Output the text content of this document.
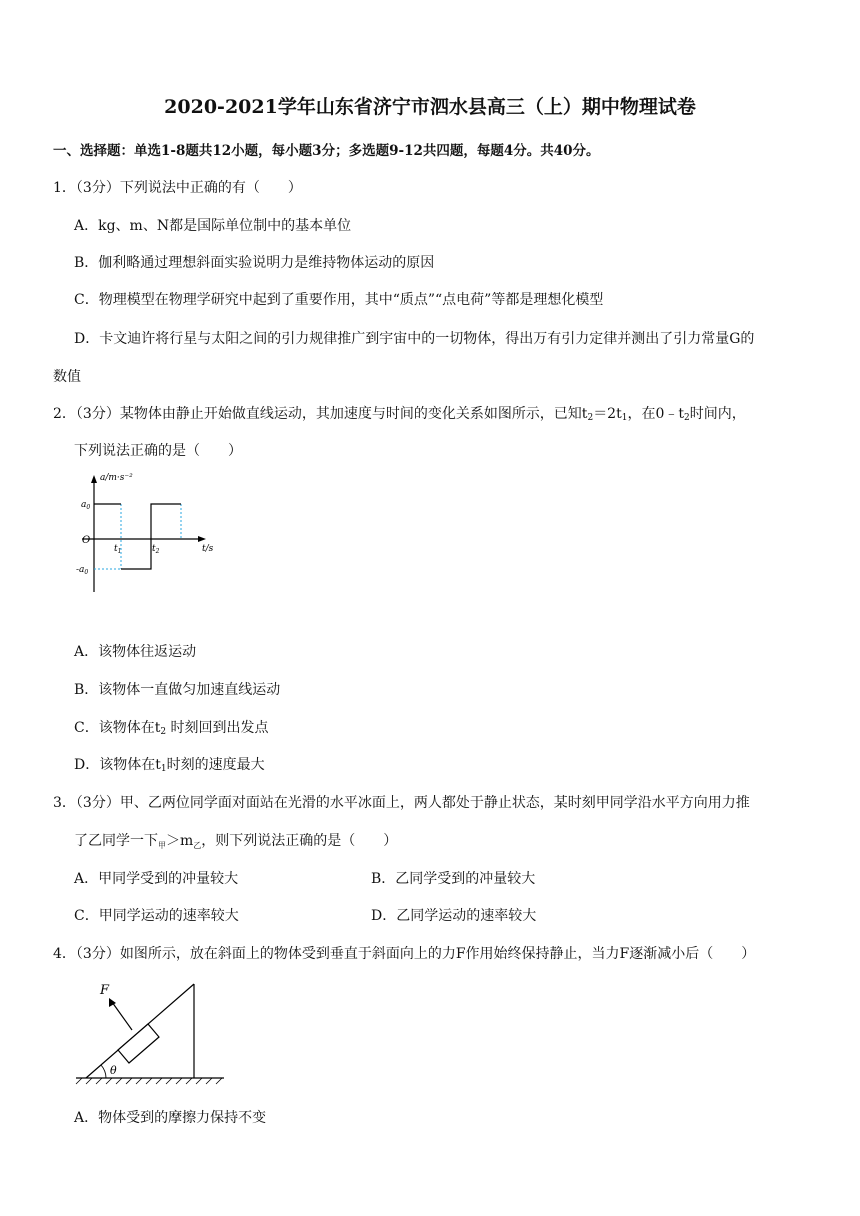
2020-2021学年山东省济宁市泗水县高三（上）期中物理试卷
一、选择题：单选1-8题共12小题，每小题3分；多选题9-12共四题，每题4分。共40分。
1．（3分）下列说法中正确的有（　　）
A．kg、m、N都是国际单位制中的基本单位
B．伽利略通过理想斜面实验说明力是维持物体运动的原因
C．物理模型在物理学研究中起到了重要作用，其中“质点”“点电荷”等都是理想化模型
D．卡文迪许将行星与太阳之间的引力规律推广到宇宙中的一切物体，得出万有引力定律并测出了引力常量G的
数值
2．（3分）某物体由静止开始做直线运动，其加速度与时间的变化关系如图所示，已知$t_2=2t_1$，在$0﹣t_2$时间内，
下列说法正确的是（　　）
a/m·s⁻²
$a_0$
O
$-a_0$
$t_1$	$t_2$	t/s
A．该物体往返运动
B．该物体一直做匀加速直线运动
C．该物体在$t_2$ 时刻回到出发点
D．该物体在$t_1$时刻的速度最大
3．（3分）甲、乙两位同学面对面站在光滑的水平冰面上，两人都处于静止状态，某时刻甲同学沿水平方向用力推
了乙同学一下$_甲>m_乙$，则下列说法正确的是（　　）
A．甲同学受到的冲量较大	B．乙同学受到的冲量较大
C．甲同学运动的速率较大	D．乙同学运动的速率较大
4．（3分）如图所示，放在斜面上的物体受到垂直于斜面向上的力F作用始终保持静止，当力F逐渐减小后（　　）
F
θ
A．物体受到的摩擦力保持不变
